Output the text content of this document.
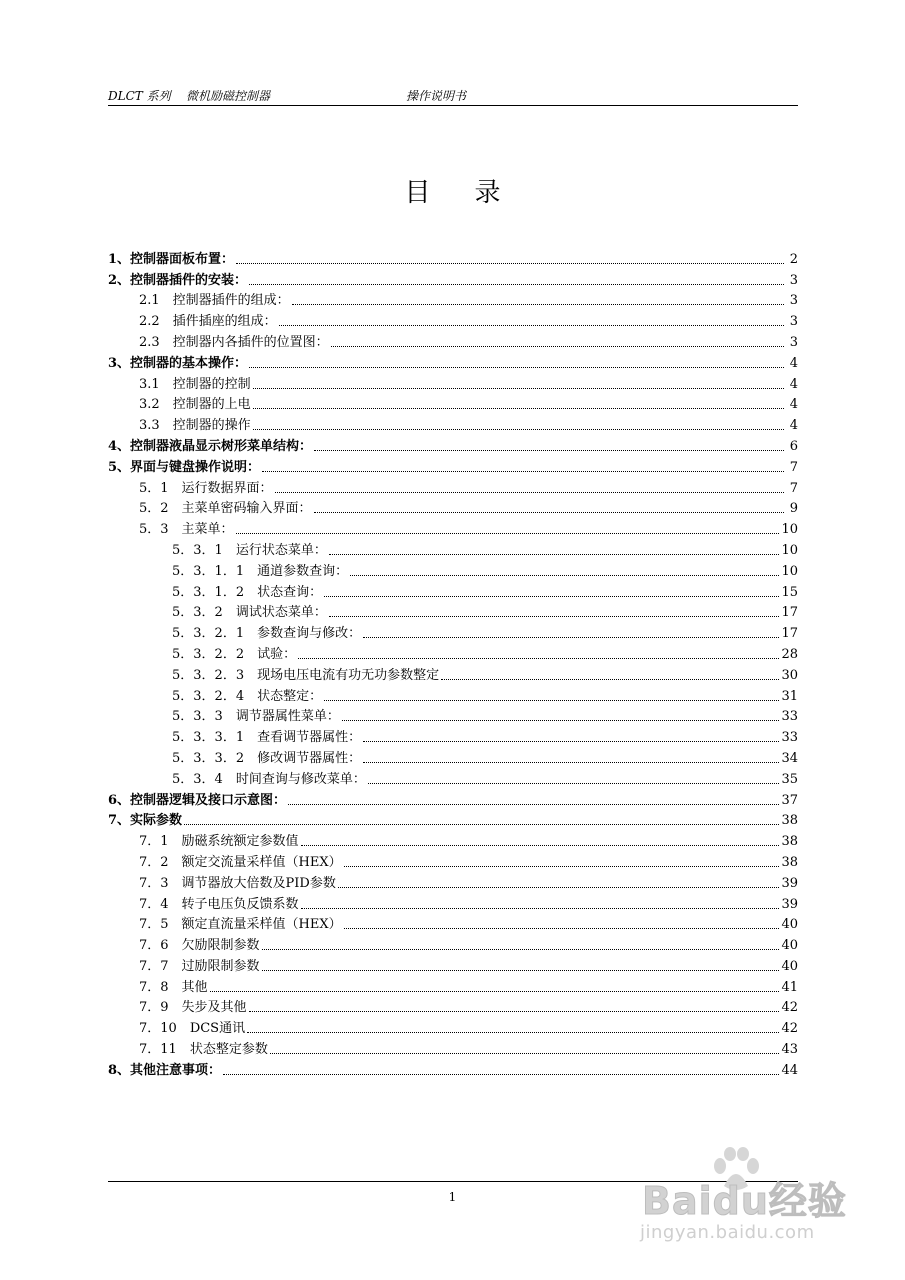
DLCT 系列 微机励磁控制器	操作说明书
目录
1、控制器面板布置：	2
2、控制器插件的安装：	3
2.1　控制器插件的组成：	3
2.2　插件插座的组成：	3
2.3　控制器内各插件的位置图：	3
3、控制器的基本操作：	4
3.1　控制器的控制	4
3.2　控制器的上电	4
3.3　控制器的操作	4
4、控制器液晶显示树形菜单结构：	6
5、界面与键盘操作说明：	7
5．1　运行数据界面：	7
5．2　主菜单密码输入界面：	9
5．3　主菜单：	10
5．3．1　运行状态菜单：	10
5．3．1．1　通道参数查询：	10
5．3．1．2　状态查询：	15
5．3．2　调试状态菜单：	17
5．3．2．1　参数查询与修改：	17
5．3．2．2　试验：	28
5．3．2．3　现场电压电流有功无功参数整定	30
5．3．2．4　状态整定：	31
5．3．3　调节器属性菜单：	33
5．3．3．1　查看调节器属性：	33
5．3．3．2　修改调节器属性：	34
5．3．4　时间查询与修改菜单：	35
6、控制器逻辑及接口示意图：	37
7、实际参数	38
7．1　励磁系统额定参数值	38
7．2　额定交流量采样值（HEX）	38
7．3　调节器放大倍数及PID参数	39
7．4　转子电压负反馈系数	39
7．5　额定直流量采样值（HEX）	40
7．6　欠励限制参数	40
7．7　过励限制参数	40
7．8　其他	41
7．9　失步及其他	42
7．10　DCS通讯	42
7．11　状态整定参数	43
8、其他注意事项：	44
1	Baidu经验
jingyan.baidu.com
